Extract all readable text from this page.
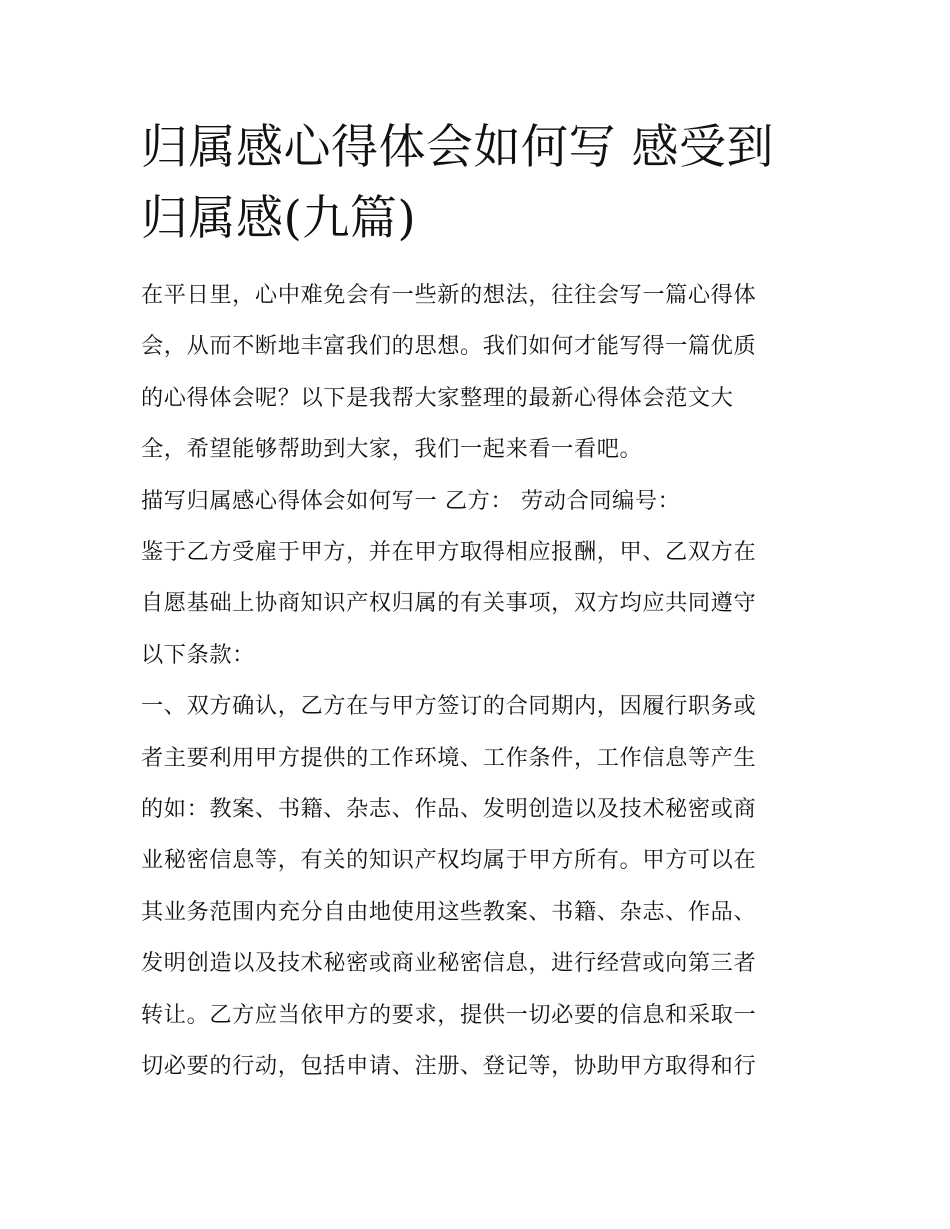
归属感心得体会如何写 感受到
归属感(九篇)
在平日里，心中难免会有一些新的想法，往往会写一篇心得体
会，从而不断地丰富我们的思想。我们如何才能写得一篇优质
的心得体会呢？以下是我帮大家整理的最新心得体会范文大
全，希望能够帮助到大家，我们一起来看一看吧。
描写归属感心得体会如何写一 乙方： 劳动合同编号：
鉴于乙方受雇于甲方，并在甲方取得相应报酬，甲、乙双方在
自愿基础上协商知识产权归属的有关事项，双方均应共同遵守
以下条款：
一、双方确认，乙方在与甲方签订的合同期内，因履行职务或
者主要利用甲方提供的工作环境、工作条件，工作信息等产生
的如：教案、书籍、杂志、作品、发明创造以及技术秘密或商
业秘密信息等，有关的知识产权均属于甲方所有。甲方可以在
其业务范围内充分自由地使用这些教案、书籍、杂志、作品、
发明创造以及技术秘密或商业秘密信息，进行经营或向第三者
转让。乙方应当依甲方的要求，提供一切必要的信息和采取一
切必要的行动，包括申请、注册、登记等，协助甲方取得和行
